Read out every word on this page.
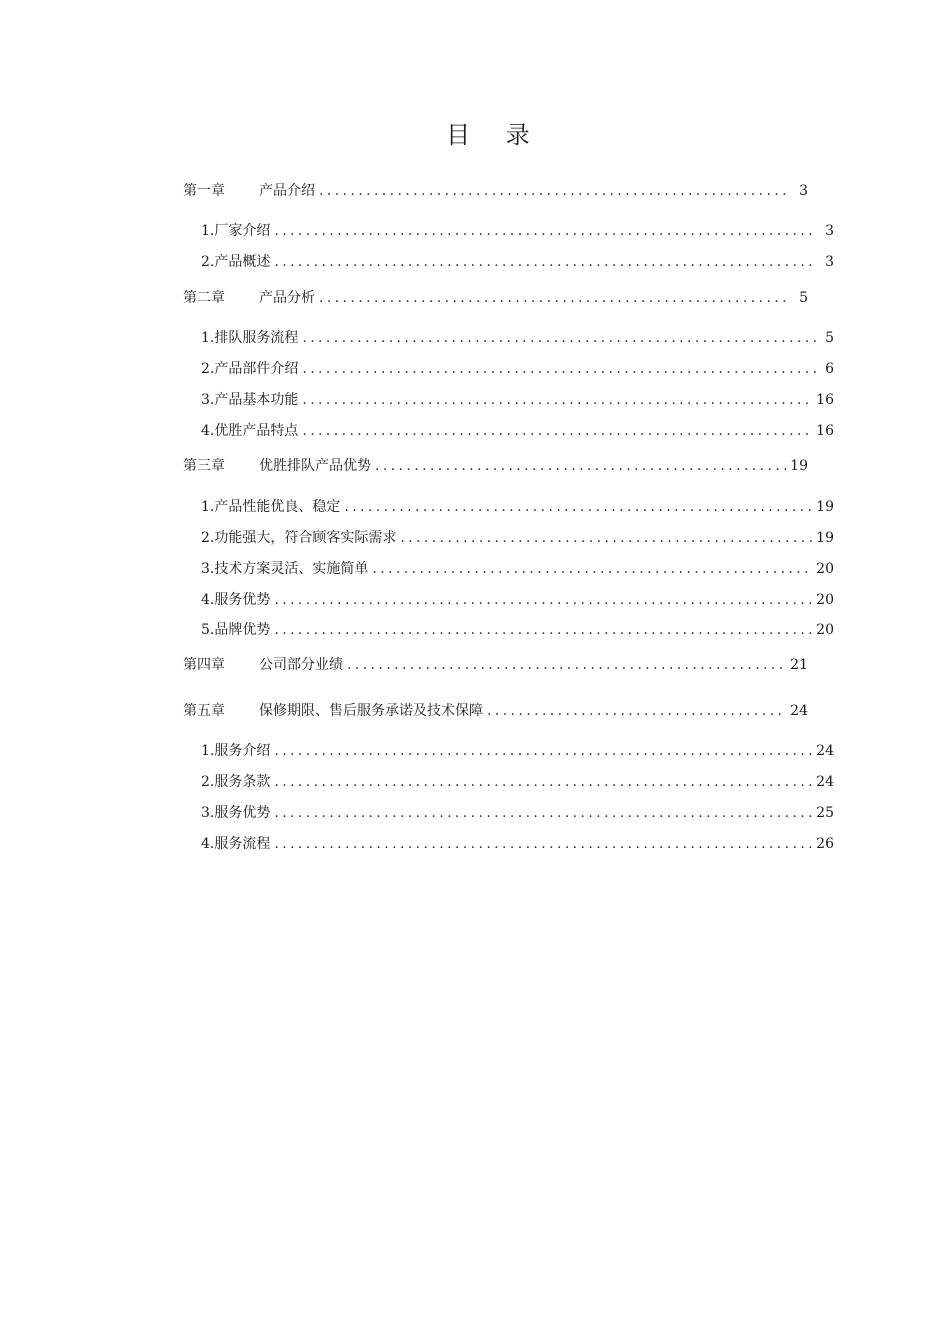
目 录
第一章	产品介绍 .....	3
1.厂家介绍 .....	3
2.产品概述 .....	3
第二章	产品分析 .....	5
1.排队服务流程 .....	5
2.产品部件介绍 .....	6
3.产品基本功能 .....	16
4.优胜产品特点 .....	16
第三章	优胜排队产品优势 .....	19
1.产品性能优良、稳定 .....	19
2.功能强大，符合顾客实际需求 .....	19
3.技术方案灵活、实施简单 .....	20
4.服务优势 .....	20
5.品牌优势 .....	20
第四章	公司部分业绩 .....	21
第五章	保修期限、售后服务承诺及技术保障 .....	24
1.服务介绍 .....	24
2.服务条款 .....	24
3.服务优势 .....	25
4.服务流程 .....	26
